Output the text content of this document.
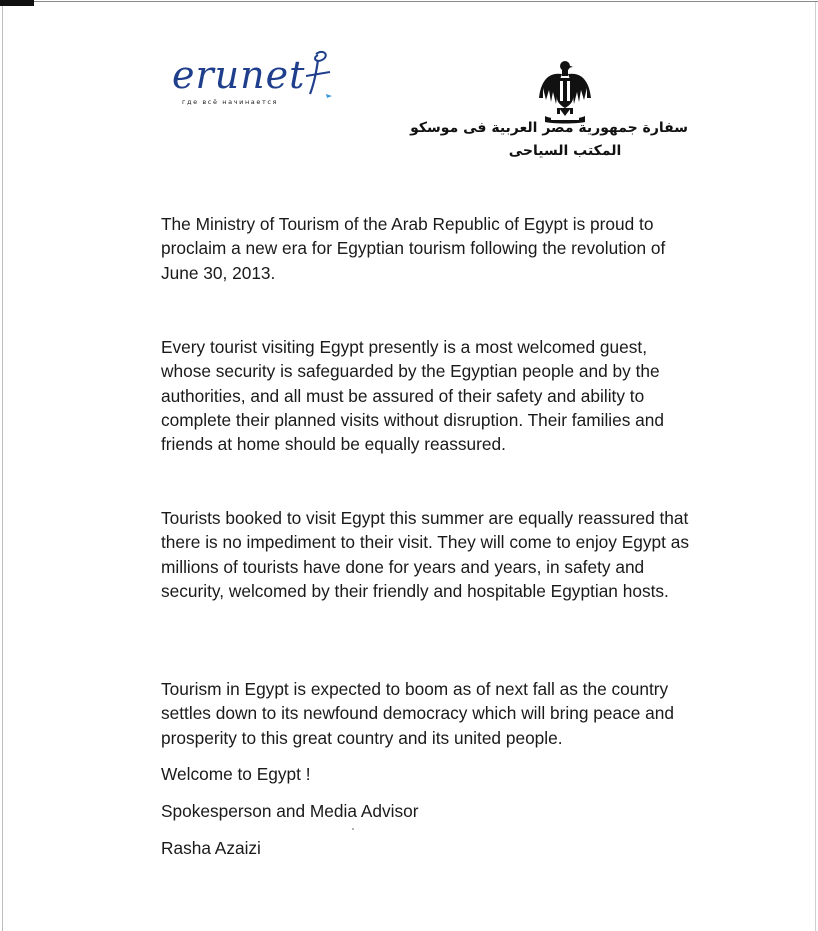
erunet
где всё начинается
سفارة جمهورية مصر العربية فى موسكو
المكتب السياحى

The Ministry of Tourism of the Arab Republic of Egypt is proud to proclaim a new era for Egyptian tourism following the revolution of June 30, 2013.

Every tourist visiting Egypt presently is a most welcomed guest, whose security is safeguarded by the Egyptian people and by the authorities, and all must be assured of their safety and ability to complete their planned visits without disruption. Their families and friends at home should be equally reassured.

Tourists booked to visit Egypt this summer are equally reassured that there is no impediment to their visit. They will come to enjoy Egypt as millions of tourists have done for years and years, in safety and security, welcomed by their friendly and hospitable Egyptian hosts.

Tourism in Egypt is expected to boom as of next fall as the country settles down to its newfound democracy which will bring peace and prosperity to this great country and its united people.

Welcome to Egypt !

Spokesperson and Media Advisor

Rasha Azaizi
